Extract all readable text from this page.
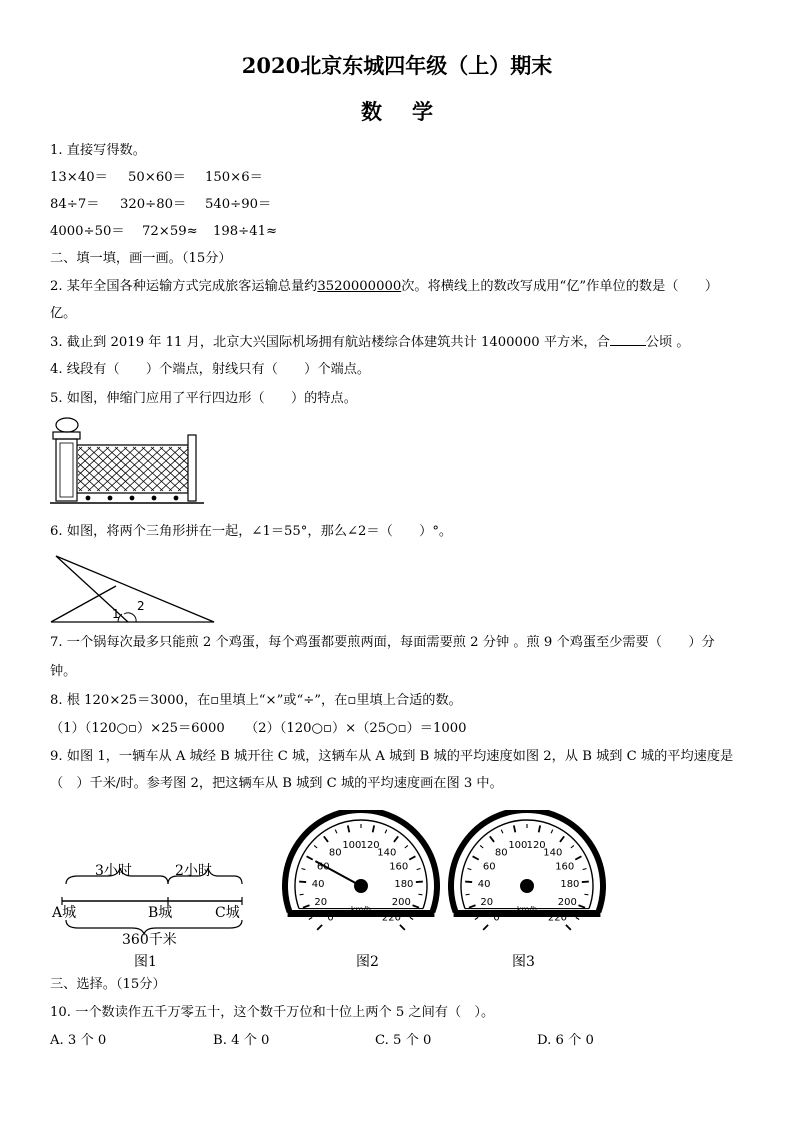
2020北京东城四年级（上）期末
数学
1. 直接写得数。
13×40＝ 50×60＝ 150×6＝
84÷7＝ 320÷80＝ 540÷90＝
4000÷50＝ 72×59≈ 198÷41≈
二、填一填，画一画。（15分）
2. 某年全国各种运输方式完成旅客运输总量约3520000000次。将横线上的数改写成用“亿”作单位的数是（　　）
亿。
3. 截止到 2019 年 11 月，北京大兴国际机场拥有航站楼综合体建筑共计 1400000 平方米，合	公顷 。
4. 线段有（　　）个端点，射线只有（　　）个端点。
5. 如图，伸缩门应用了平行四边形（　　）的特点。
6. 如图，将两个三角形拼在一起，∠1＝55°，那么∠2＝（　　）°。
1
2
7. 一个锅每次最多只能煎 2 个鸡蛋，每个鸡蛋都要煎两面，每面需要煎 2 分钟 。煎 9 个鸡蛋至少需要（　　）分
钟。
8. 根 120×25＝3000，在▫里填上“×”或“÷”，在▫里填上合适的数。
（1）（120○▫）×25＝6000 （2）（120○▫）×（25○▫）＝1000
9. 如图 1，一辆车从 A 城经 B 城开往 C 城，这辆车从 A 城到 B 城的平均速度如图 2，从 B 城到 C 城的平均速度是
（　）千米/时。参考图 2，把这辆车从 B 城到 C 城的平均速度画在图 3 中。
3小时	2小时
A城	B城	C城
360千米
图1
0
20
40
60
80
100 120
140
160
180
200
220
km/h
0
20
40
60
80
100 120
140
160
180
200
220
km/h
图2	图3
三、选择。（15分）
10. 一个数读作五千万零五十，这个数千万位和十位上两个 5 之间有（　）。
A. 3 个 0	B. 4 个 0	C. 5 个 0	D. 6 个 0
